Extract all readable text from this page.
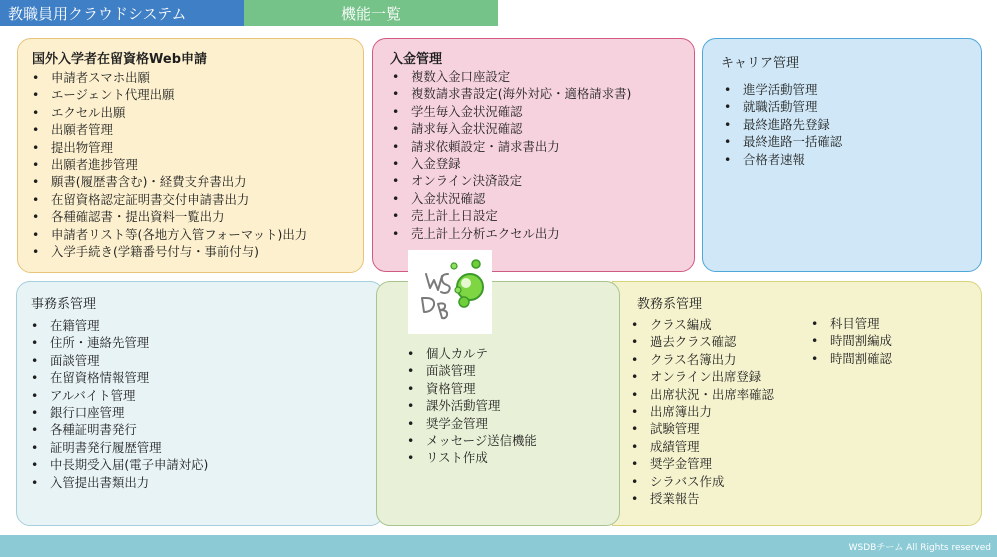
教職員用クラウドシステム	機能一覧
国外入学者在留資格Web申請
• 申請者スマホ出願
• エージェント代理出願
• エクセル出願
• 出願者管理
• 提出物管理
• 出願者進捗管理
• 願書(履歴書含む)・経費支弁書出力
• 在留資格認定証明書交付申請書出力
• 各種確認書・提出資料一覧出力
• 申請者リスト等(各地方入管フォーマット)出力
• 入学手続き(学籍番号付与・事前付与)
入金管理
• 複数入金口座設定
• 複数請求書設定(海外対応・適格請求書)
• 学生毎入金状況確認
• 請求毎入金状況確認
• 請求依頼設定・請求書出力
• 入金登録
• オンライン決済設定
• 入金状況確認
• 売上計上日設定
• 売上計上分析エクセル出力
キャリア管理
• 進学活動管理
• 就職活動管理
• 最終進路先登録
• 最終進路一括確認
• 合格者速報
事務系管理
• 在籍管理
• 住所・連絡先管理
• 面談管理
• 在留資格情報管理
• アルバイト管理
• 銀行口座管理
• 各種証明書発行
• 証明書発行履歴管理
• 中長期受入届(電子申請対応)
• 入管提出書類出力
教務系管理
• クラス編成
• 過去クラス確認
• クラス名簿出力
• オンライン出席登録
• 出席状況・出席率確認
• 出席簿出力
• 試験管理
• 成績管理
• 奨学金管理
• シラバス作成
• 授業報告
• 科目管理
• 時間割編成
• 時間割確認
• 個人カルテ
• 面談管理
• 資格管理
• 課外活動管理
• 奨学金管理
• メッセージ送信機能
• リスト作成
WSDBチーム All Rights reserved
